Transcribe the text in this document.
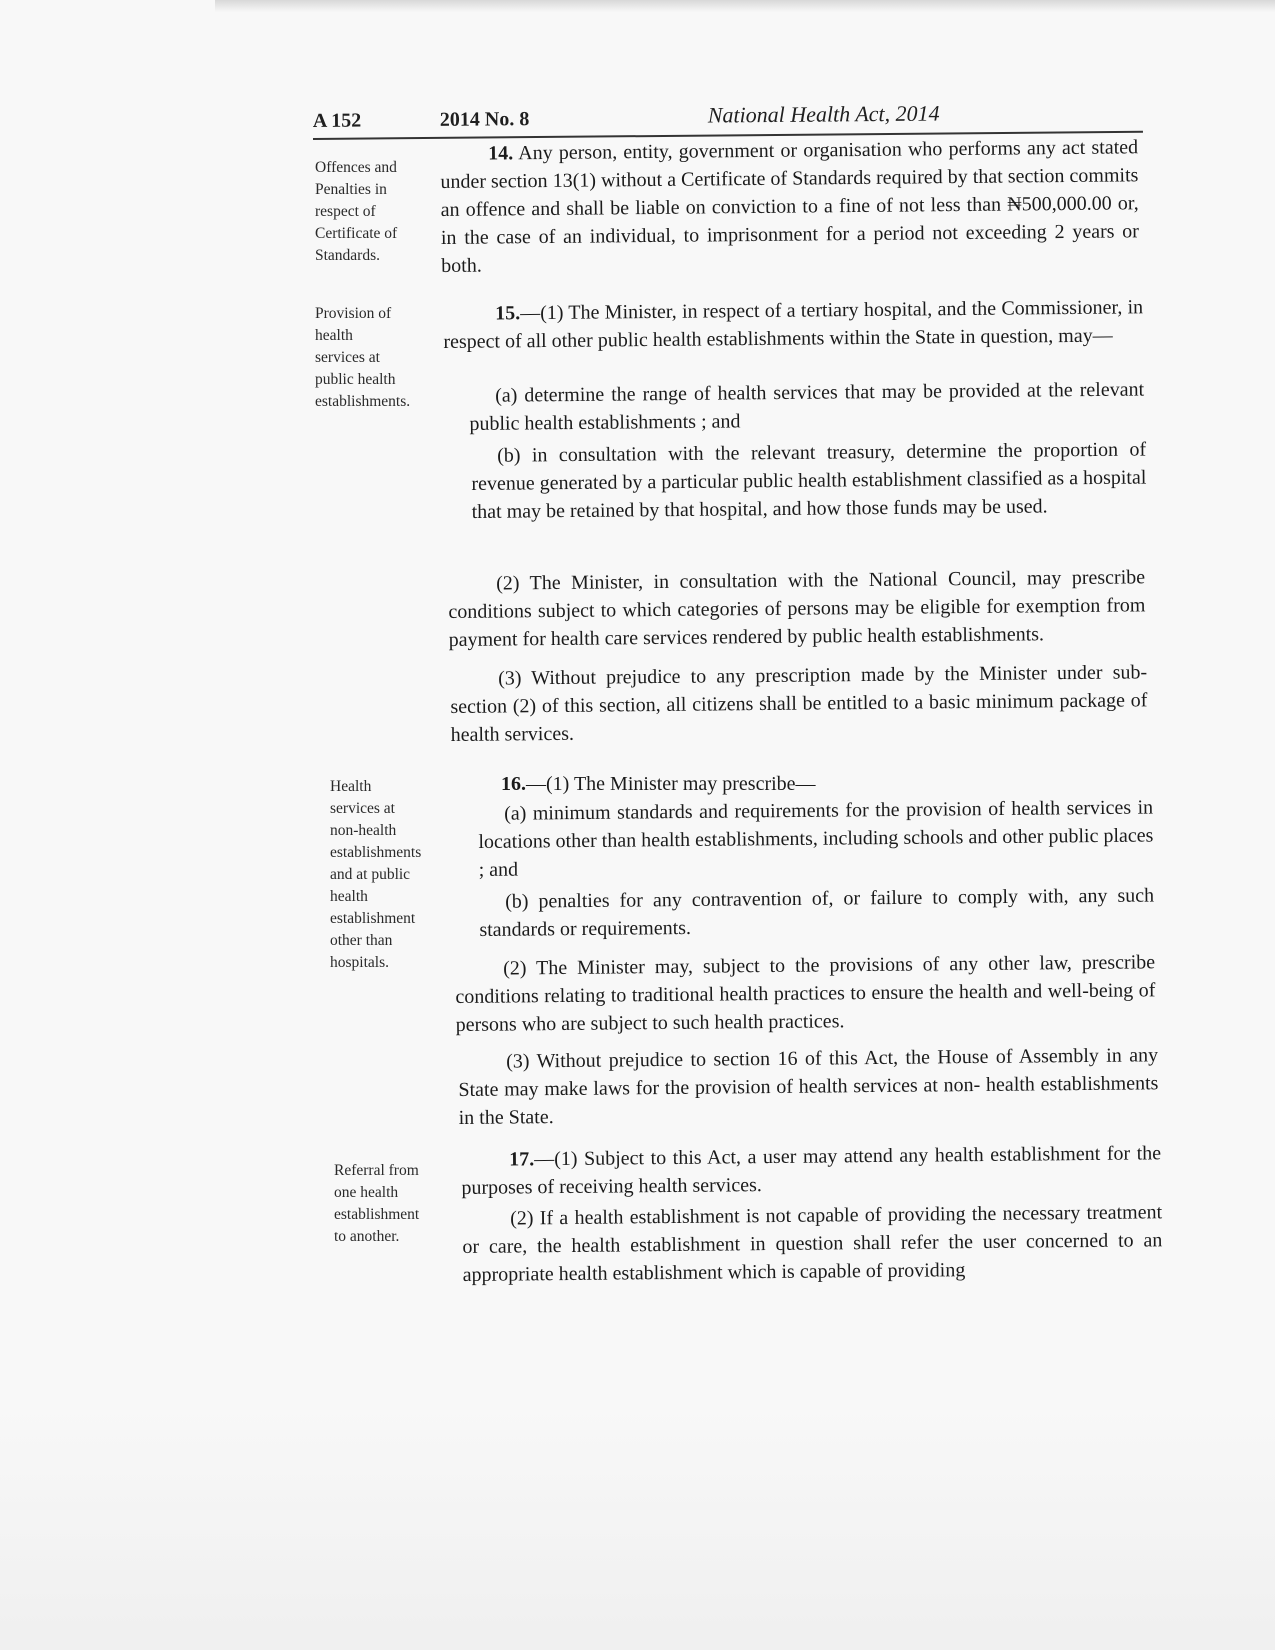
A 152	2014 No. 8	National Health Act, 2014
Offences and
Penalties in
respect of
Certificate of
Standards.
Provision of
health
services at
public health
establishments.
Health
services at
non-health
establishments
and at public
health
establishment
other than
hospitals.
Referral from
one health
establishment
to another.
14. Any person, entity, government or organisation who performs any act stated under section 13(1) without a Certificate of Standards required by that section commits an offence and shall be liable on conviction to a fine of not less than ₦500,000.00 or, in the case of an individual, to imprisonment for a period not exceeding 2 years or both.
15.—(1) The Minister, in respect of a tertiary hospital, and the Commissioner, in respect of all other public health establishments within the State in question, may—
(a) determine the range of health services that may be provided at the relevant public health establishments ; and
(b) in consultation with the relevant treasury, determine the proportion of revenue generated by a particular public health establishment classified as a hospital that may be retained by that hospital, and how those funds may be used.
(2) The Minister, in consultation with the National Council, may prescribe conditions subject to which categories of persons may be eligible for exemption from payment for health care services rendered by public health establishments.
(3) Without prejudice to any prescription made by the Minister under sub-section (2) of this section, all citizens shall be entitled to a basic minimum package of health services.
16.—(1) The Minister may prescribe—
(a) minimum standards and requirements for the provision of health services in locations other than health establishments, including schools and other public places ; and
(b) penalties for any contravention of, or failure to comply with, any such standards or requirements.
(2) The Minister may, subject to the provisions of any other law, prescribe conditions relating to traditional health practices to ensure the health and well-being of persons who are subject to such health practices.
(3) Without prejudice to section 16 of this Act, the House of Assembly in any State may make laws for the provision of health services at non- health establishments in the State.
17.—(1) Subject to this Act, a user may attend any health establishment for the purposes of receiving health services.
(2) If a health establishment is not capable of providing the necessary treatment or care, the health establishment in question shall refer the user concerned to an appropriate health establishment which is capable of providing
